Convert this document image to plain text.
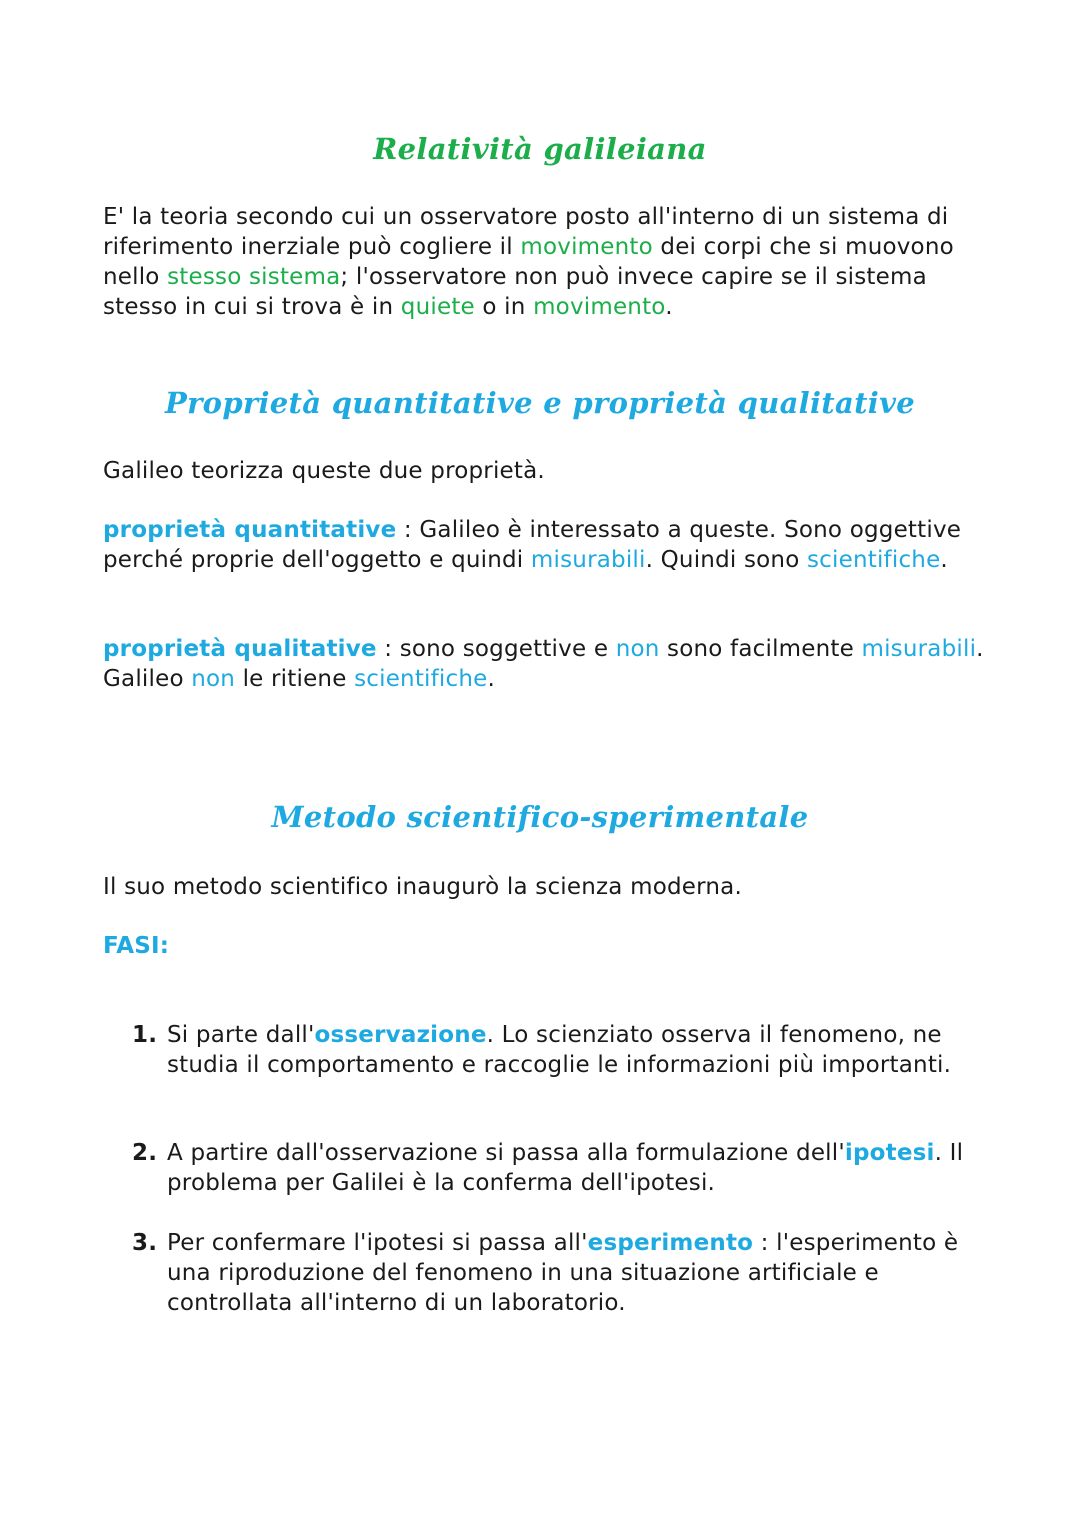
Relatività galileiana
E' la teoria secondo cui un osservatore posto all'interno di un sistema di riferimento inerziale può cogliere il movimento dei corpi che si muovono nello stesso sistema; l'osservatore non può invece capire se il sistema stesso in cui si trova è in quiete o in movimento.
Proprietà quantitative e proprietà qualitative
Galileo teorizza queste due proprietà.
proprietà quantitative : Galileo è interessato a queste. Sono oggettive perché proprie dell'oggetto e quindi misurabili. Quindi sono scientifiche.
proprietà qualitative : sono soggettive e non sono facilmente misurabili. Galileo non le ritiene scientifiche.
Metodo scientifico-sperimentale
Il suo metodo scientifico inaugurò la scienza moderna.
FASI:
1. Si parte dall'osservazione. Lo scienziato osserva il fenomeno, ne studia il comportamento e raccoglie le informazioni più importanti.
2. A partire dall'osservazione si passa alla formulazione dell'ipotesi. Il problema per Galilei è la conferma dell'ipotesi.
3. Per confermare l'ipotesi si passa all'esperimento : l'esperimento è una riproduzione del fenomeno in una situazione artificiale e controllata all'interno di un laboratorio.
